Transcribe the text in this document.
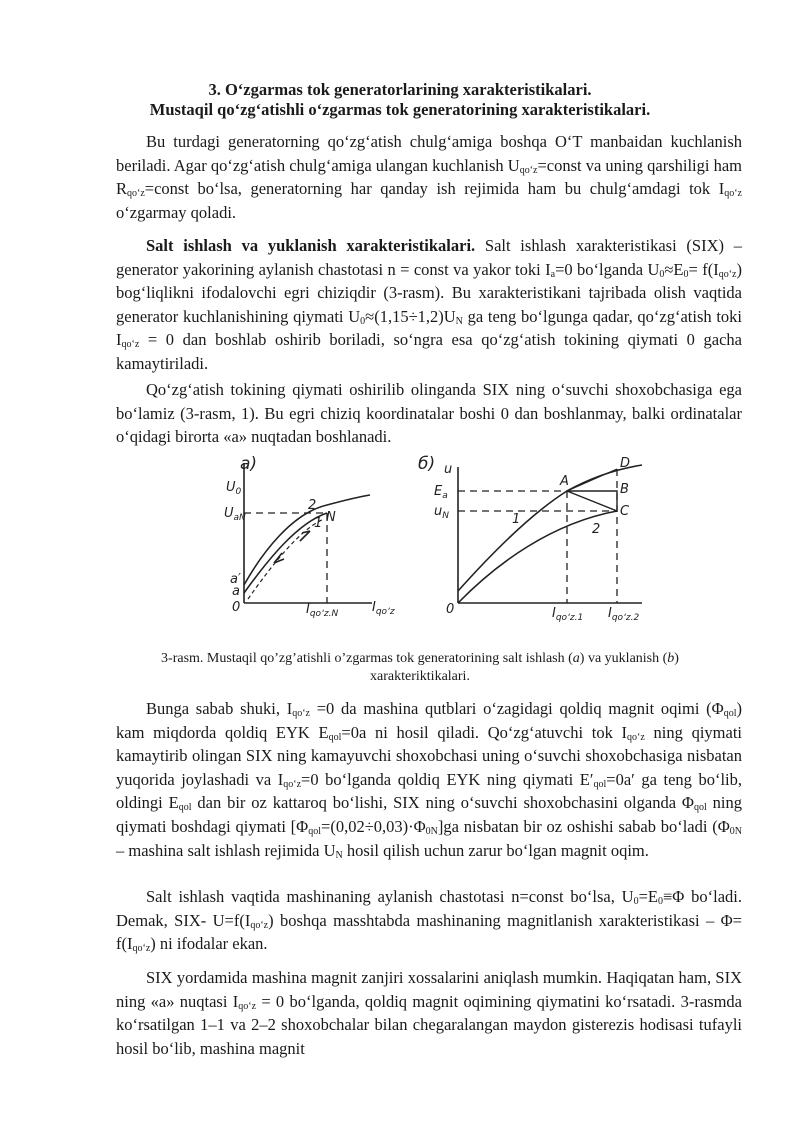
3. O‘zgarmas tok generatorlarining xarakteristikalari.
Mustaqil qo‘zg‘atishli o‘zgarmas tok generatorining xarakteristikalari.
Bu turdagi generatorning qo‘zg‘atish chulg‘amiga boshqa O‘T manbaidan kuchlanish beriladi. Agar qo‘zg‘atish chulg‘amiga ulangan kuchlanish $U_{qo‘z}=const$ va uning qarshiligi ham $R_{qo‘z}=const$ bo‘lsa, generatorning har qanday ish rejimida ham bu chulg‘amdagi tok $I_{qo‘z}$ o‘zgarmay qoladi.
Salt ishlash va yuklanish xarakteristikalari. Salt ishlash xarakteristikasi (SIX) – generator yakorining aylanish chastotasi n = const va yakor toki $I_a=0$ bo‘lganda $U_0\approx E_0= f(I_{qo‘z})$ bog‘liqlikni ifodalovchi egri chiziqdir (3-rasm). Bu xarakteristikani tajribada olish vaqtida generator kuchlanishining qiymati $U_0\approx(1,15\div 1,2)U_N$ ga teng bo‘lgunga qadar, qo‘zg‘atish toki $I_{qo‘z} = 0$ dan boshlab oshirib boriladi, so‘ngra esa qo‘zg‘atish tokining qiymati 0 gacha kamaytiriladi.
Qo‘zg‘atish tokining qiymati oshirilib olinganda SIX ning o‘suvchi shoxobchasiga ega bo‘lamiz (3-rasm, 1). Bu egri chiziq koordinatalar boshi 0 dan boshlanmay, balki ordinatalar o‘qidagi birorta «a» nuqtadan boshlanadi.
a)
$U_0$
$U_{aN}$
a′
a
0	$I_{qo‘z.N}$	$I_{qo‘z}$
1
2
N
б) u
$E_a$
$u_N$
0
A
B
C
D
1
2
$I_{qo‘z.1}$ $I_{qo‘z.2}$
3-rasm. Mustaqil qo’zg’atishli o’zgarmas tok generatorining salt ishlash (a) va yuklanish (b)
xarakteriktikalari.
Bunga sabab shuki, $I_{qo‘z} =0$ da mashina qutblari o‘zagidagi qoldiq magnit oqimi $(\Phi_{qol})$ kam miqdorda qoldiq EYK $E_{qol}=0a$ ni hosil qiladi. Qo‘zg‘atuvchi tok $I_{qo‘z}$ ning qiymati kamaytirib olingan SIX ning kamayuvchi shoxobchasi uning o‘suvchi shoxobchasiga nisbatan yuqorida joylashadi va $I_{qo‘z}=0$ bo‘lganda qoldiq EYK ning qiymati $E'_{qol}=0a'$ ga teng bo‘lib, oldingi $E_{qol}$ dan bir oz kattaroq bo‘lishi, SIX ning o‘suvchi shoxobchasini olganda $\Phi_{qol}$ ning qiymati boshdagi qiymati $[\Phi_{qol}=(0,02\div 0,03)\cdot\Phi_{0N}]ga$ nisbatan bir oz oshishi sabab bo‘ladi ($\Phi_{0N}$ – mashina salt ishlash rejimida $U_N$ hosil qilish uchun zarur bo‘lgan magnit oqim.
Salt ishlash vaqtida mashinaning aylanish chastotasi n=const bo‘lsa, $U_0=E_0\equiv\Phi$ bo‘ladi. Demak, SIX- $U=f(I_{qo‘z})$ boshqa masshtabda mashinaning magnitlanish xarakteristikasi – $\Phi= f(I_{qo‘z})$ ni ifodalar ekan.
SIX yordamida mashina magnit zanjiri xossalarini aniqlash mumkin. Haqiqatan ham, SIX ning «a» nuqtasi $I_{qo‘z} = 0$ bo‘lganda, qoldiq magnit oqimining qiymatini ko‘rsatadi. 3-rasmda ko‘rsatilgan 1–1 va 2–2 shoxobchalar bilan chegaralangan maydon gisterezis hodisasi tufayli hosil bo‘lib, mashina magnit
